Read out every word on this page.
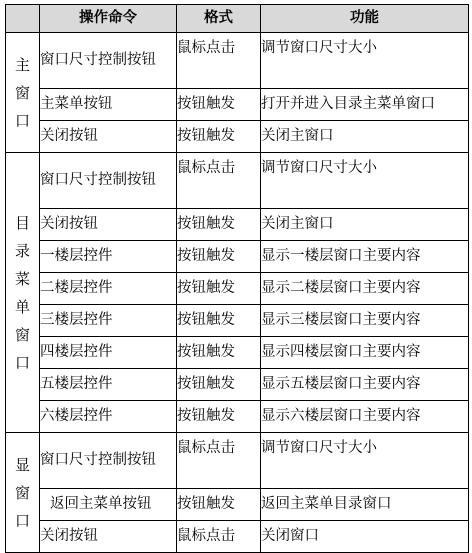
	操作命令	格式	功能

主窗口	窗口尺寸控制按钮	鼠标点击	调节窗口尺寸大小
	主菜单按钮	按钮触发	打开并进入目录主菜单窗口
	关闭按钮	按钮触发	关闭主窗口

目录菜单窗口	窗口尺寸控制按钮	鼠标点击	调节窗口尺寸大小
	关闭按钮	按钮触发	关闭主窗口
	一楼层控件	按钮触发	显示一楼层窗口主要内容
	二楼层控件	按钮触发	显示二楼层窗口主要内容
	三楼层控件	按钮触发	显示三楼层窗口主要内容
	四楼层控件	按钮触发	显示四楼层窗口主要内容
	五楼层控件	按钮触发	显示五楼层窗口主要内容
	六楼层控件	按钮触发	显示六楼层窗口主要内容

显窗口	窗口尺寸控制按钮	鼠标点击	调节窗口尺寸大小
	返回主菜单按钮	按钮触发	返回主菜单目录窗口
	关闭按钮	鼠标点击	关闭窗口
